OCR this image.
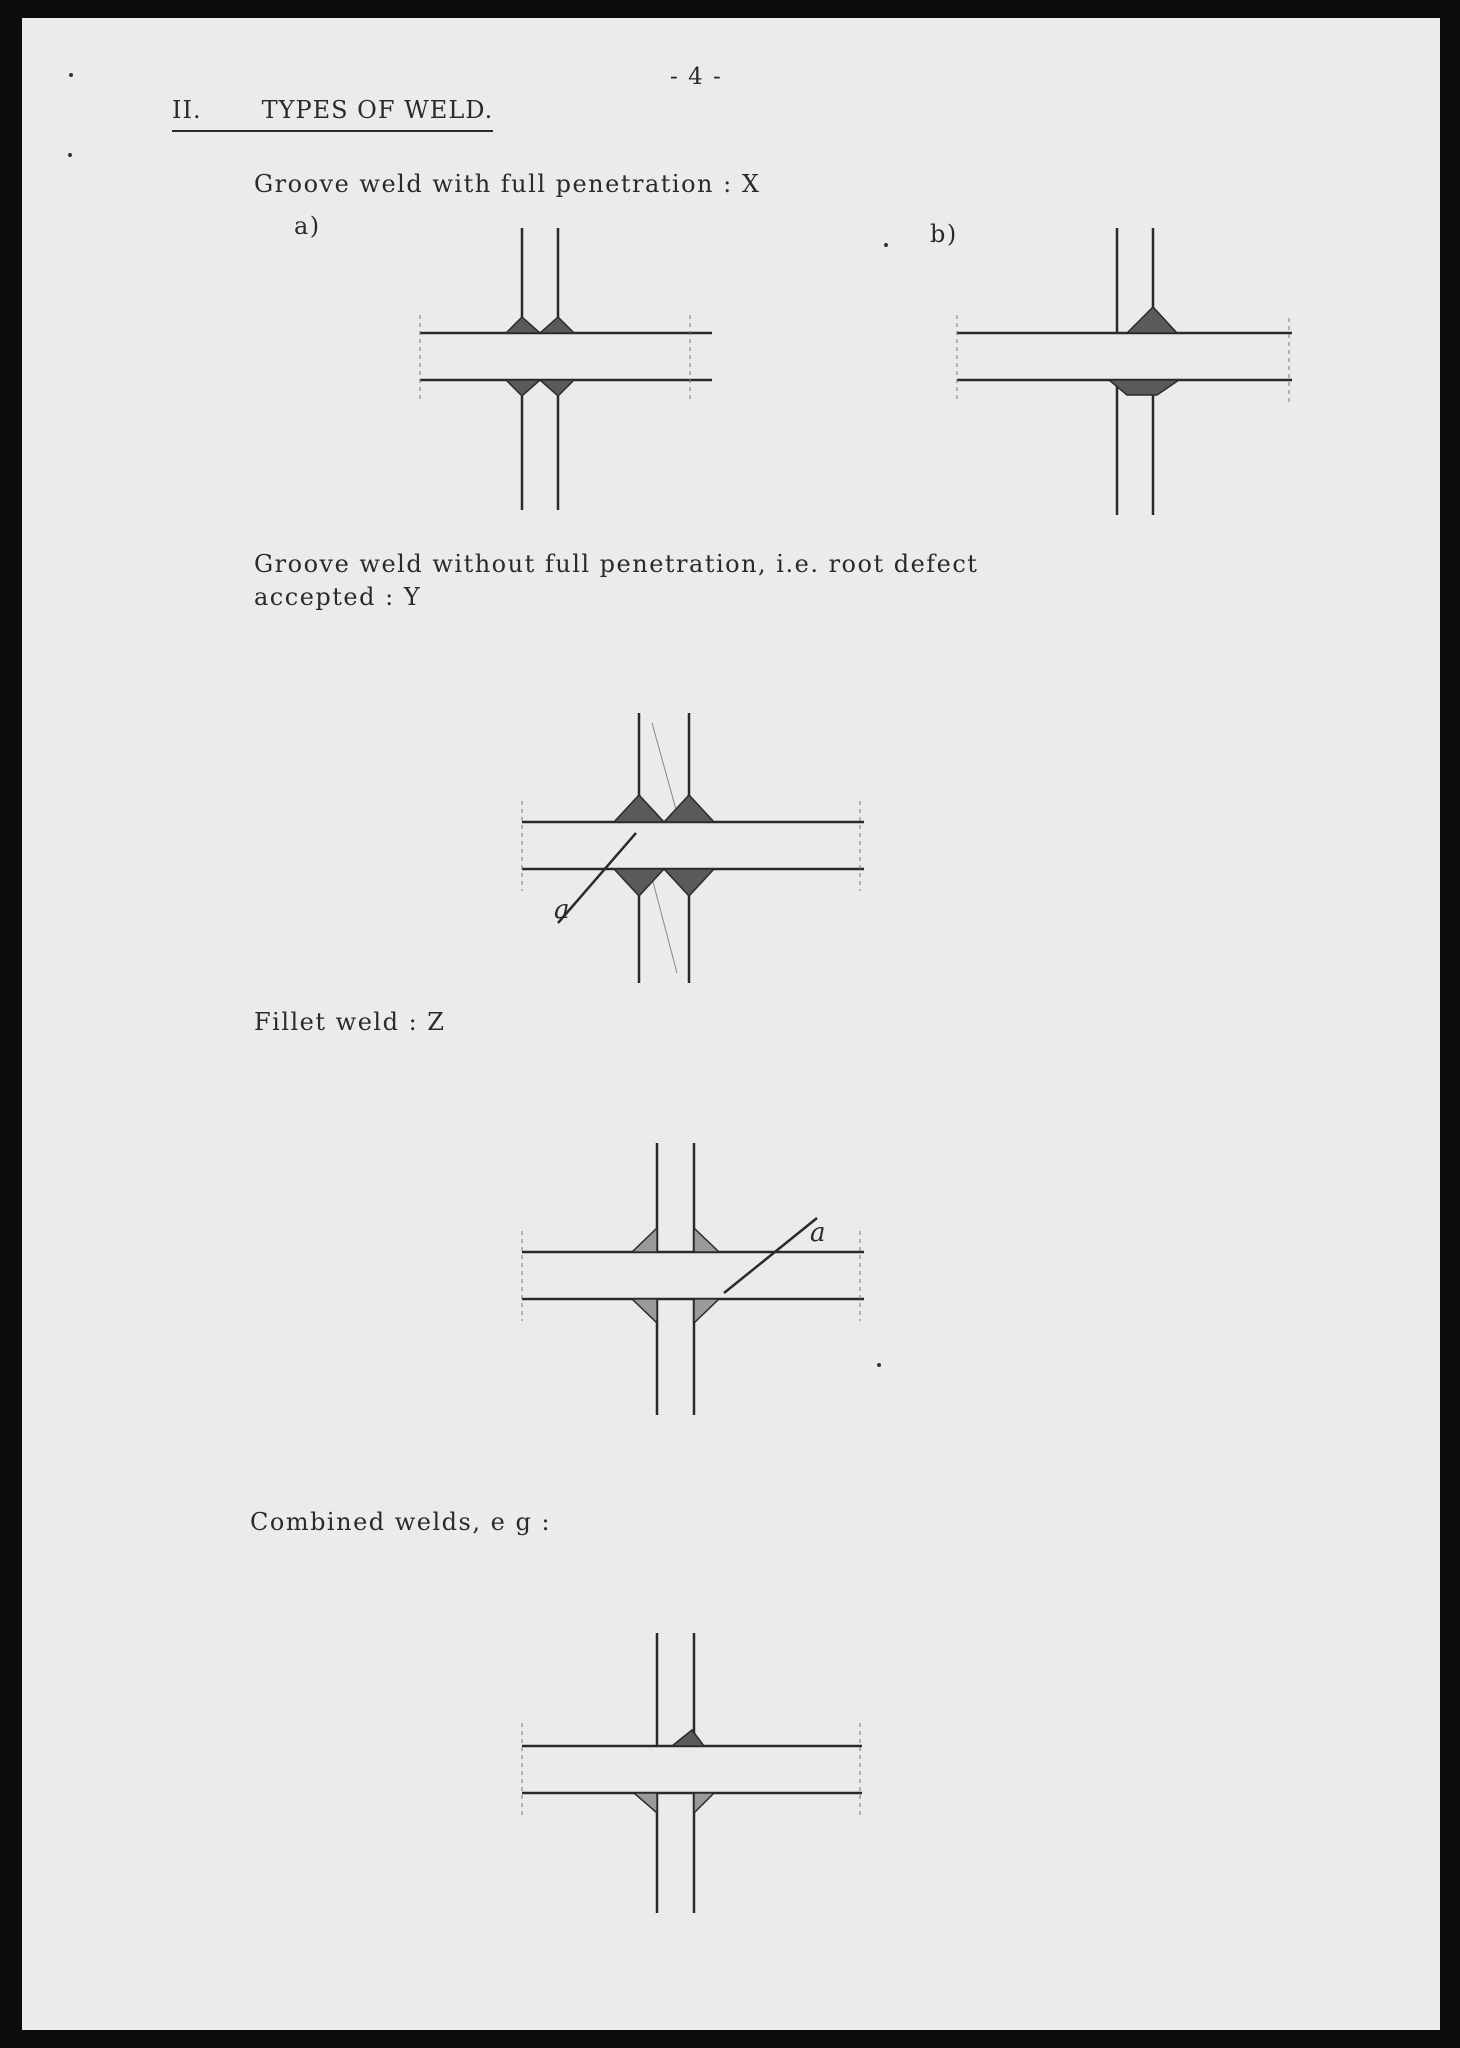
- 4 -

II.	TYPES OF WELD.

Groove weld with full penetration : X

a)	b)

Groove weld without full penetration, i.e. root defect
accepted : Y

a

Fillet weld : Z

a

Combined welds, e g :
